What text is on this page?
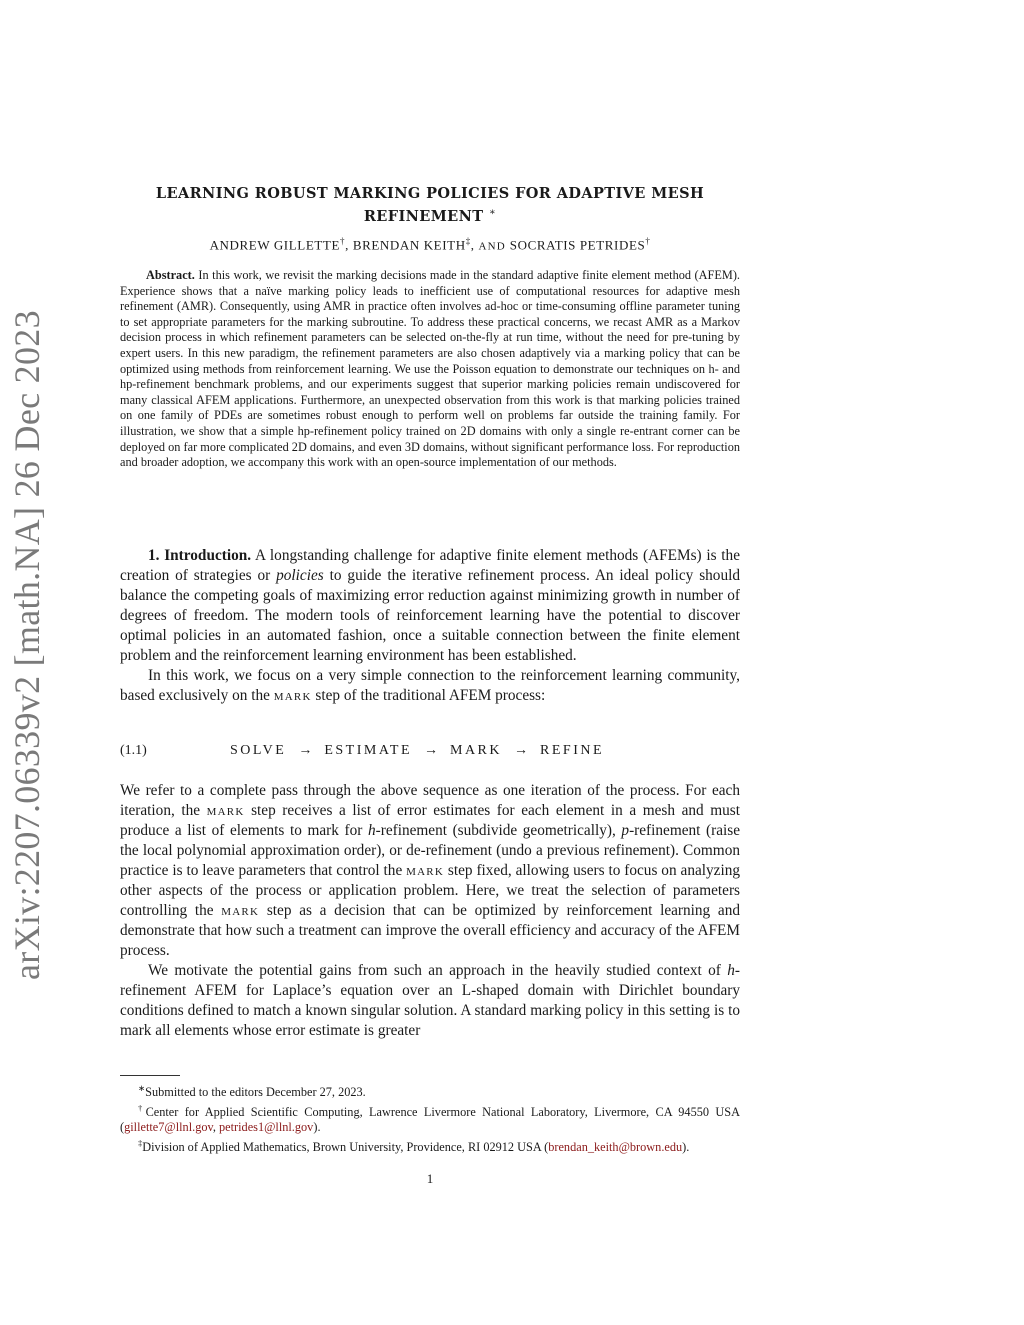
arXiv:2207.06339v2 [math.NA] 26 Dec 2023
LEARNING ROBUST MARKING POLICIES FOR ADAPTIVE MESH
REFINEMENT ∗
ANDREW GILLETTE†, BRENDAN KEITH‡, AND SOCRATIS PETRIDES†
Abstract. In this work, we revisit the marking decisions made in the standard adaptive finite element method (AFEM). Experience shows that a naïve marking policy leads to inefficient use of computational resources for adaptive mesh refinement (AMR). Consequently, using AMR in practice often involves ad-hoc or time-consuming offline parameter tuning to set appropriate parameters for the marking subroutine. To address these practical concerns, we recast AMR as a Markov decision process in which refinement parameters can be selected on-the-fly at run time, without the need for pre-tuning by expert users. In this new paradigm, the refinement parameters are also chosen adaptively via a marking policy that can be optimized using methods from reinforcement learning. We use the Poisson equation to demonstrate our techniques on h- and hp-refinement benchmark problems, and our experiments suggest that superior marking policies remain undiscovered for many classical AFEM applications. Furthermore, an unexpected observation from this work is that marking policies trained on one family of PDEs are sometimes robust enough to perform well on problems far outside the training family. For illustration, we show that a simple hp-refinement policy trained on 2D domains with only a single re-entrant corner can be deployed on far more complicated 2D domains, and even 3D domains, without significant performance loss. For reproduction and broader adoption, we accompany this work with an open-source implementation of our methods.

1. Introduction. A longstanding challenge for adaptive finite element methods (AFEMs) is the creation of strategies or policies to guide the iterative refinement process. An ideal policy should balance the competing goals of maximizing error reduction against minimizing growth in number of degrees of freedom. The modern tools of reinforcement learning have the potential to discover optimal policies in an automated fashion, once a suitable connection between the finite element problem and the reinforcement learning environment has been established.

In this work, we focus on a very simple connection to the reinforcement learning community, based exclusively on the mark step of the traditional AFEM process:

(1.1)	SOLVE → ESTIMATE → MARK → REFINE

We refer to a complete pass through the above sequence as one iteration of the process. For each iteration, the mark step receives a list of error estimates for each element in a mesh and must produce a list of elements to mark for h-refinement (subdivide geometrically), p-refinement (raise the local polynomial approximation order), or de-refinement (undo a previous refinement). Common practice is to leave parameters that control the mark step fixed, allowing users to focus on analyzing other aspects of the process or application problem. Here, we treat the selection of parameters controlling the mark step as a decision that can be optimized by reinforcement learning and demonstrate that how such a treatment can improve the overall efficiency and accuracy of the AFEM process.

We motivate the potential gains from such an approach in the heavily studied context of h-refinement AFEM for Laplace’s equation over an L-shaped domain with Dirichlet boundary conditions defined to match a known singular solution. A standard marking policy in this setting is to mark all elements whose error estimate is greater

∗Submitted to the editors December 27, 2023.

†Center for Applied Scientific Computing, Lawrence Livermore National Laboratory, Livermore, CA 94550 USA (gillette7@llnl.gov, petrides1@llnl.gov).

‡Division of Applied Mathematics, Brown University, Providence, RI 02912 USA (brendan_keith@brown.edu).

1
